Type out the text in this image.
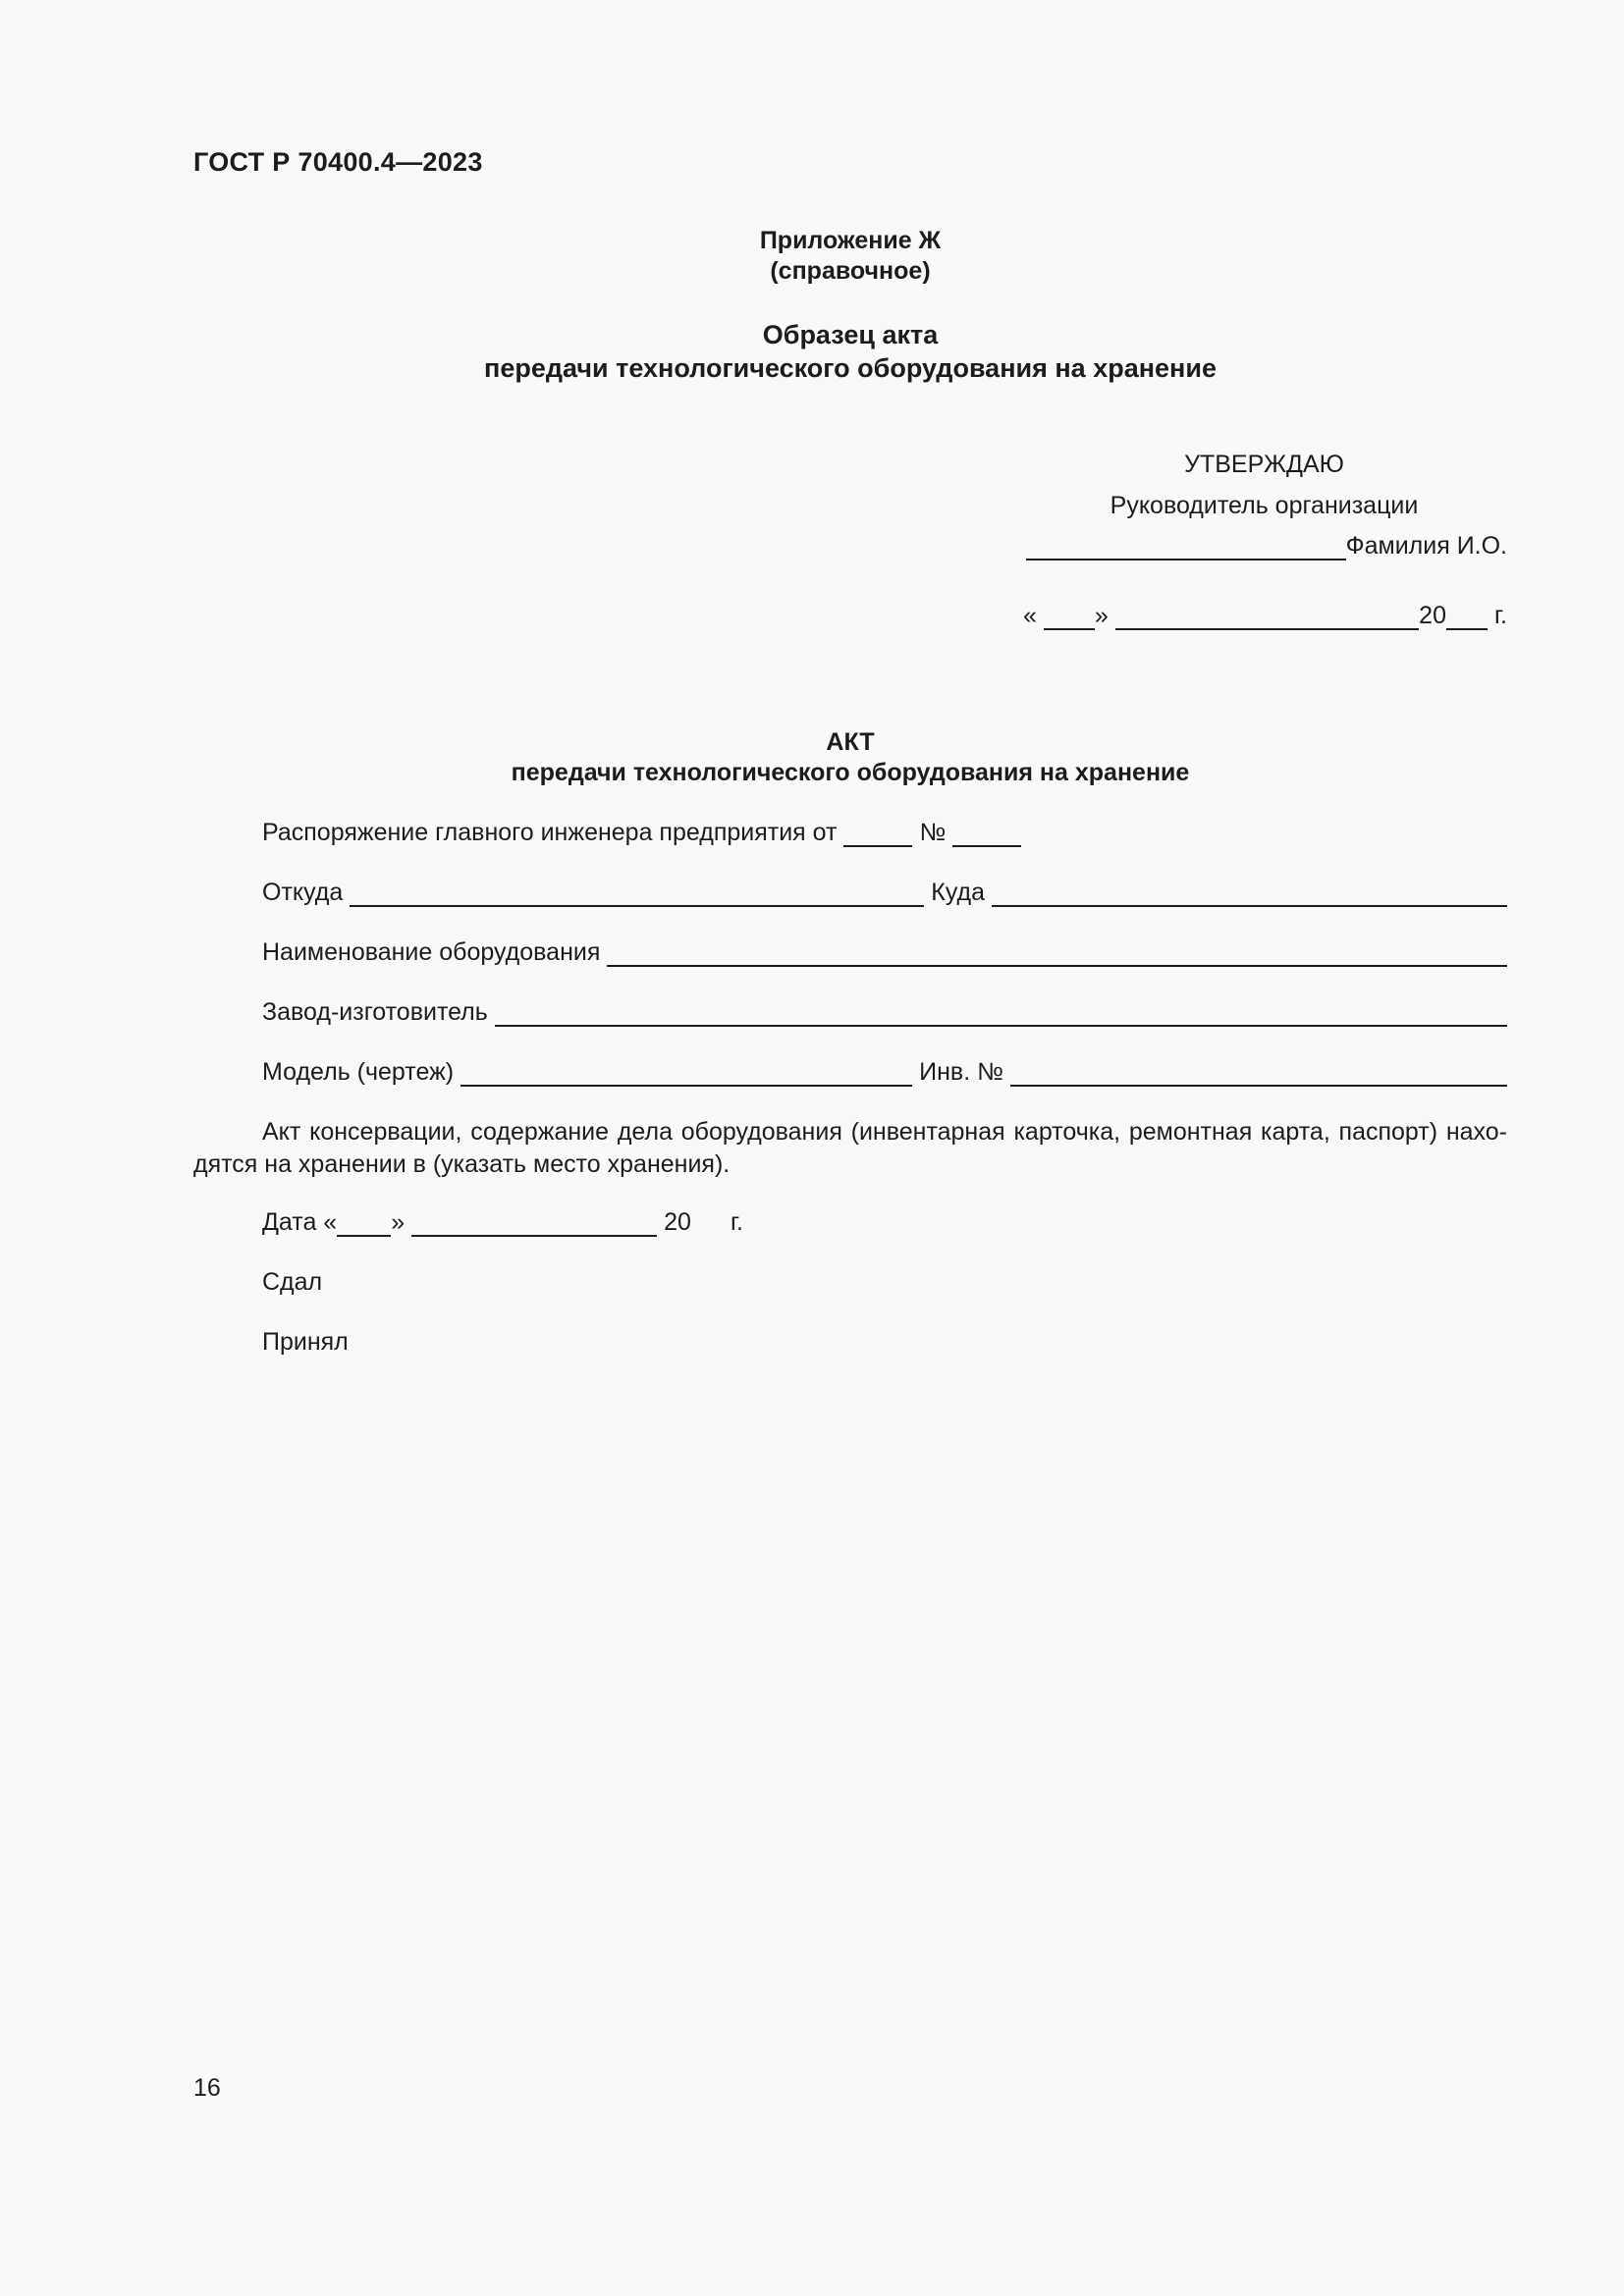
ГОСТ Р 70400.4—2023
Приложение Ж
(справочное)
Образец акта
передачи технологического оборудования на хранение
УТВЕРЖДАЮ
Руководитель организации
Фамилия И.О.
« »	20 г.
АКТ
передачи технологического оборудования на хранение
Распоряжение главного инженера предприятия от	№
Откуда	Куда
Наименование оборудования
Завод-изготовитель
Модель (чертеж)	Инв. №
Акт консервации, содержание дела оборудования (инвентарная карточка, ремонтная карта, паспорт) нахо-дятся на хранении в (указать место хранения).
Дата « »	20 г.
Сдал
Принял
16
